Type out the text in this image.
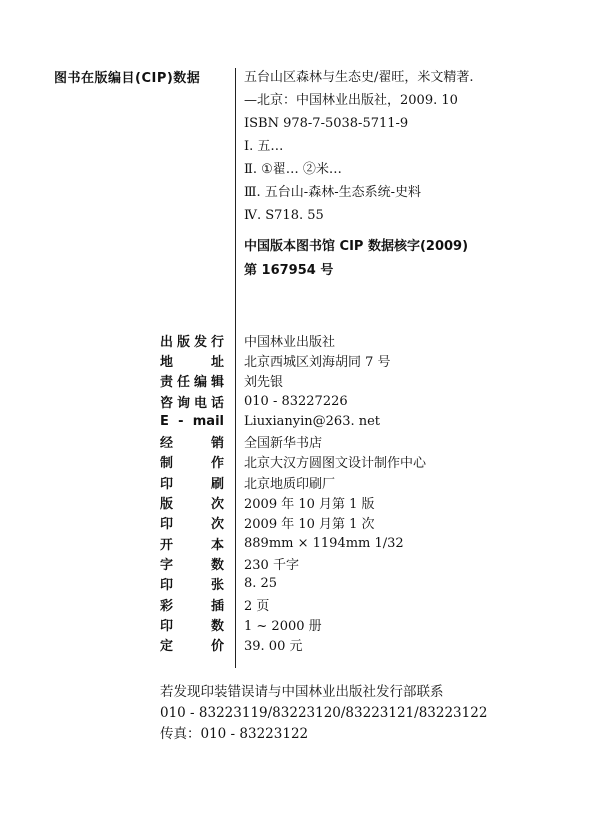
图书在版编目(CIP)数据	五台山区森林与生态史/翟旺，米文精著.
—北京：中国林业出版社，2009. 10
ISBN 978-7-5038-5711-9
Ⅰ. 五…
Ⅱ. ①翟… ②米…
Ⅲ. 五台山-森林-生态系统-史料
Ⅳ. S718. 55
中国版本图书馆 CIP 数据核字(2009)
第 167954 号
出版发行 中国林业出版社
地址 北京西城区刘海胡同 7 号
责任编辑 刘先银
咨询电话 010 - 83227226
E - mail Liuxianyin@263. net
经销 全国新华书店
制作 北京大汉方圆图文设计制作中心
印刷 北京地质印刷厂
版次 2009 年 10 月第 1 版
印次 2009 年 10 月第 1 次
开本 889mm × 1194mm 1/32
字数 230 千字
印张 8. 25
彩插 2 页
印数 1 ~ 2000 册
定价 39. 00 元
若发现印装错误请与中国林业出版社发行部联系
010 - 83223119/83223120/83223121/83223122
传真：010 - 83223122
